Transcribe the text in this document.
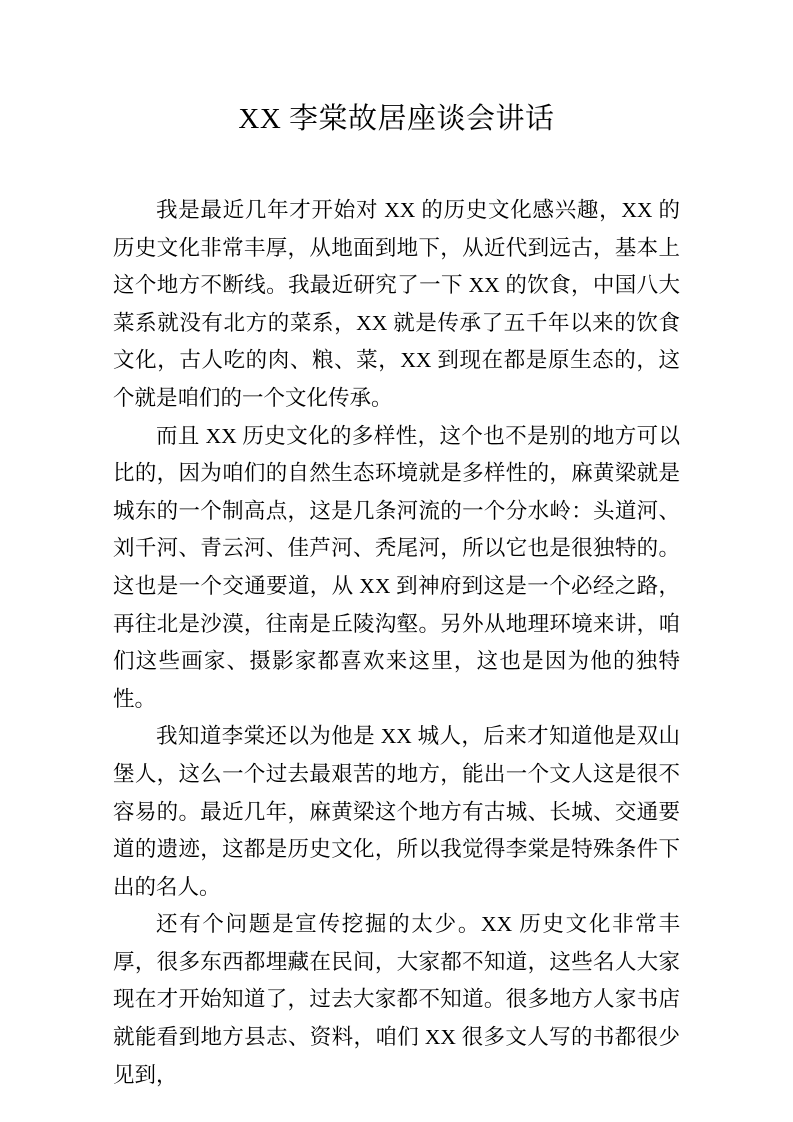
XX 李棠故居座谈会讲话

我是最近几年才开始对 XX 的历史文化感兴趣，XX 的历史文化非常丰厚，从地面到地下，从近代到远古，基本上这个地方不断线。我最近研究了一下 XX 的饮食，中国八大菜系就没有北方的菜系，XX 就是传承了五千年以来的饮食文化，古人吃的肉、粮、菜，XX 到现在都是原生态的，这个就是咱们的一个文化传承。

而且 XX 历史文化的多样性，这个也不是别的地方可以比的，因为咱们的自然生态环境就是多样性的，麻黄梁就是城东的一个制高点，这是几条河流的一个分水岭：头道河、刘千河、青云河、佳芦河、秃尾河，所以它也是很独特的。这也是一个交通要道，从 XX 到神府到这是一个必经之路，再往北是沙漠，往南是丘陵沟壑。另外从地理环境来讲，咱们这些画家、摄影家都喜欢来这里，这也是因为他的独特性。

我知道李棠还以为他是 XX 城人，后来才知道他是双山堡人，这么一个过去最艰苦的地方，能出一个文人这是很不容易的。最近几年，麻黄梁这个地方有古城、长城、交通要道的遗迹，这都是历史文化，所以我觉得李棠是特殊条件下出的名人。

还有个问题是宣传挖掘的太少。XX 历史文化非常丰厚，很多东西都埋藏在民间，大家都不知道，这些名人大家现在才开始知道了，过去大家都不知道。很多地方人家书店就能看到地方县志、资料，咱们 XX 很多文人写的书都很少见到，
